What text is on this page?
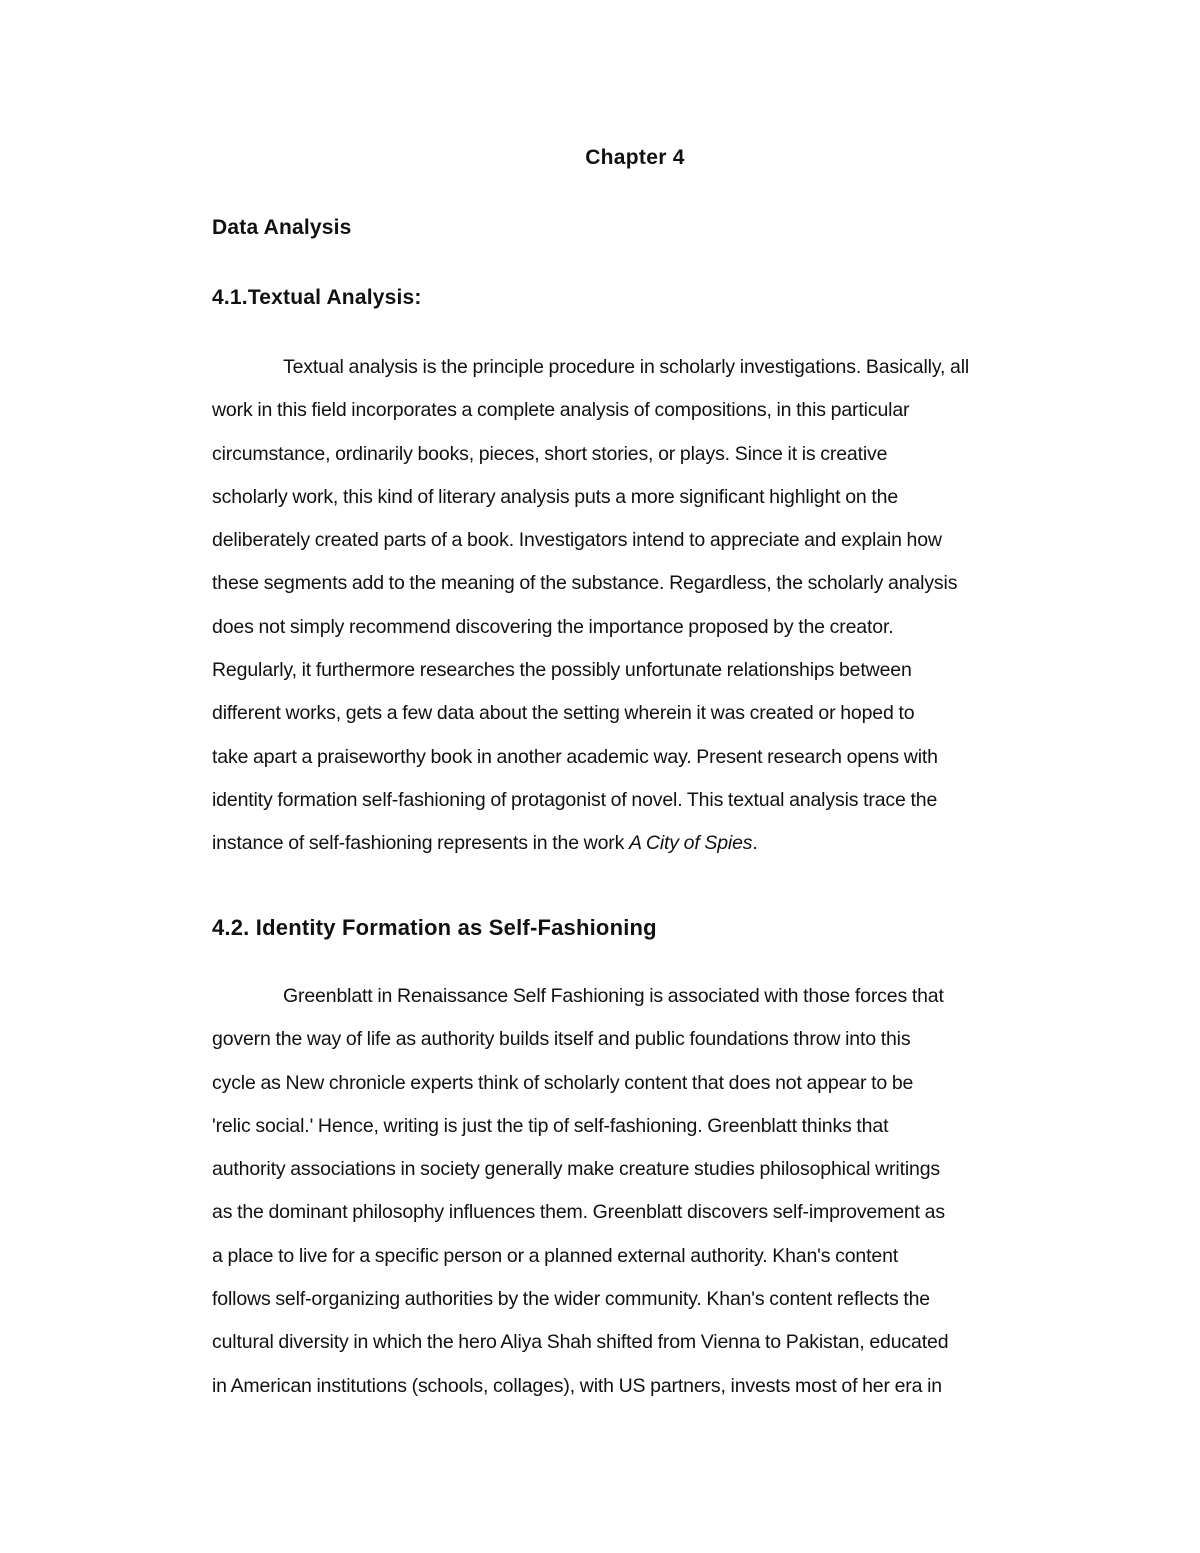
Chapter 4
Data Analysis
4.1.Textual Analysis:
Textual analysis is the principle procedure in scholarly investigations. Basically, all
work in this field incorporates a complete analysis of compositions, in this particular
circumstance, ordinarily books, pieces, short stories, or plays. Since it is creative
scholarly work, this kind of literary analysis puts a more significant highlight on the
deliberately created parts of a book. Investigators intend to appreciate and explain how
these segments add to the meaning of the substance. Regardless, the scholarly analysis
does not simply recommend discovering the importance proposed by the creator.
Regularly, it furthermore researches the possibly unfortunate relationships between
different works, gets a few data about the setting wherein it was created or hoped to
take apart a praiseworthy book in another academic way. Present research opens with
identity formation self-fashioning of protagonist of novel. This textual analysis trace the
instance of self-fashioning represents in the work A City of Spies.
4.2. Identity Formation as Self-Fashioning
Greenblatt in Renaissance Self Fashioning is associated with those forces that
govern the way of life as authority builds itself and public foundations throw into this
cycle as New chronicle experts think of scholarly content that does not appear to be
'relic social.' Hence, writing is just the tip of self-fashioning. Greenblatt thinks that
authority associations in society generally make creature studies philosophical writings
as the dominant philosophy influences them. Greenblatt discovers self-improvement as
a place to live for a specific person or a planned external authority. Khan's content
follows self-organizing authorities by the wider community. Khan's content reflects the
cultural diversity in which the hero Aliya Shah shifted from Vienna to Pakistan, educated
in American institutions (schools, collages), with US partners, invests most of her era in
